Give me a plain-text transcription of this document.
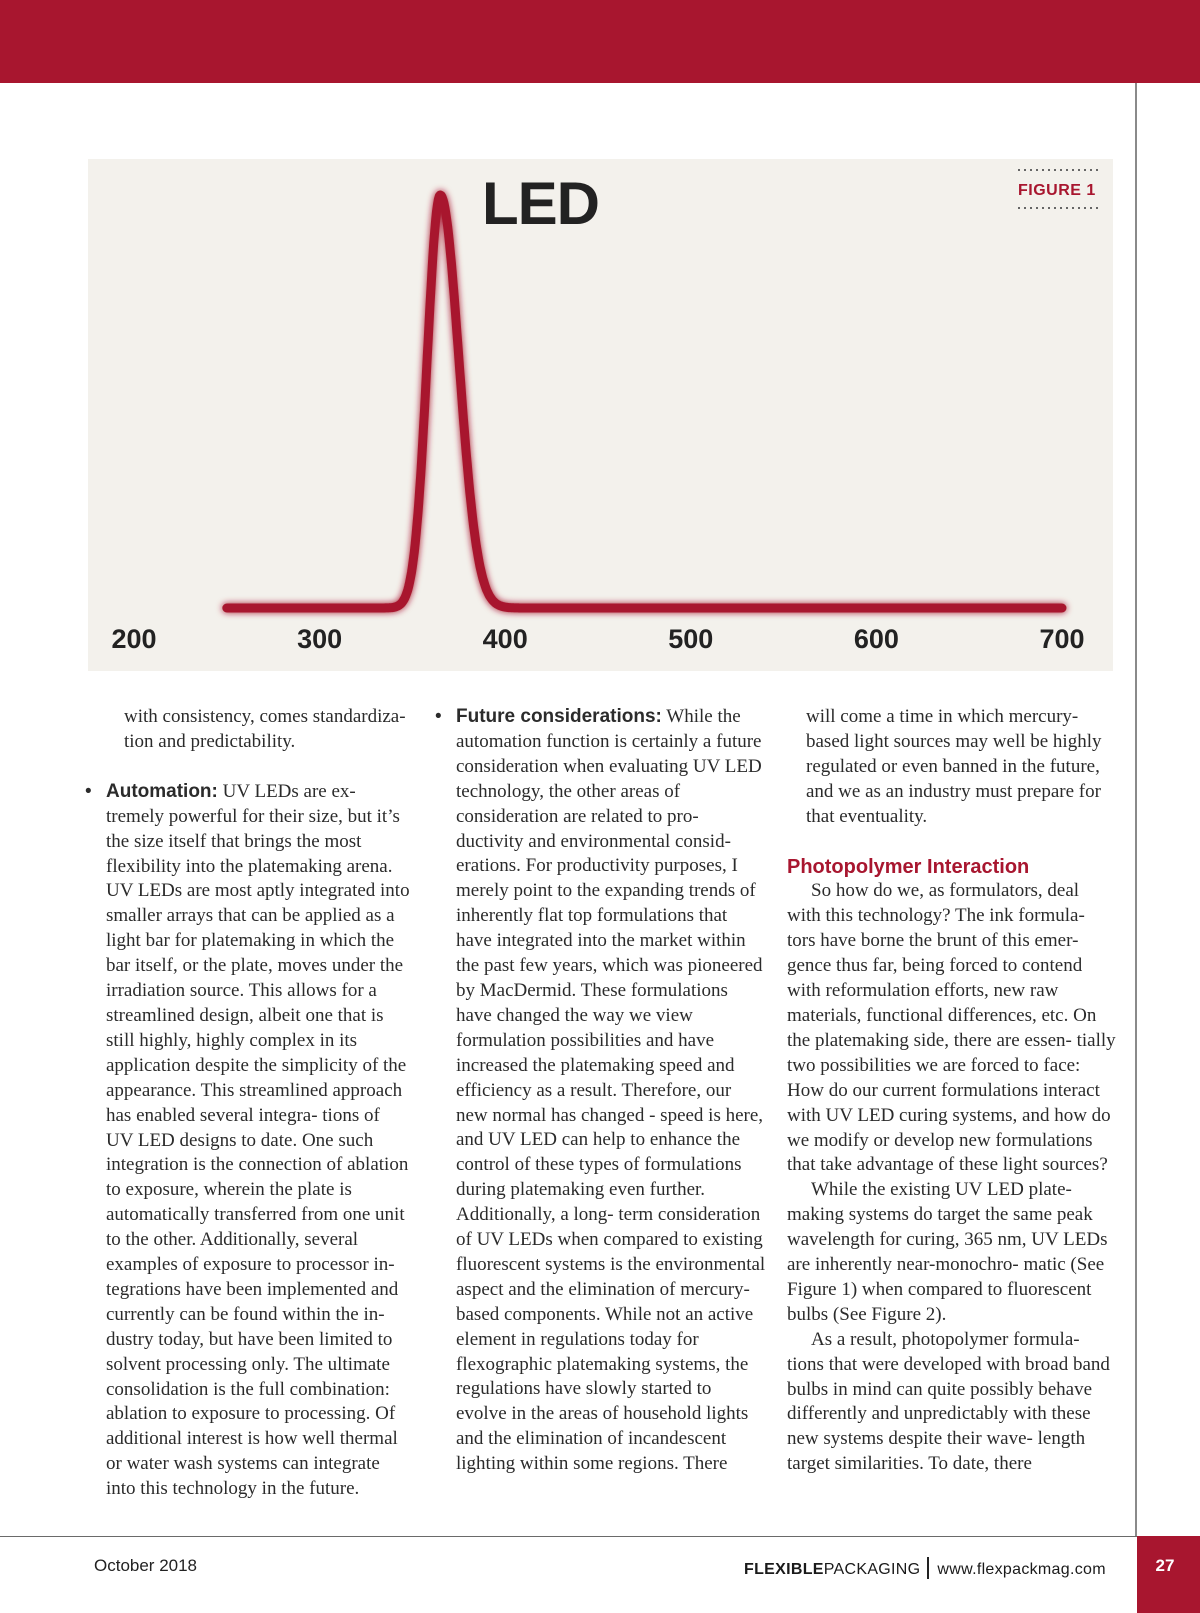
LED	FIGURE 1
200	300	400	500	600	700

with consistency, comes standardiza- tion and predictability.

• Automation: UV LEDs are ex- tremely powerful for their size, but it’s the size itself that brings the most flexibility into the platemaking arena. UV LEDs are most aptly integrated into smaller arrays that can be applied as a light bar for platemaking in which the bar itself, or the plate, moves under the irradiation source. This allows for a streamlined design, albeit one that is still highly, highly complex in its application despite the simplicity of the appearance. This streamlined approach has enabled several integra- tions of UV LED designs to date. One such integration is the connection of ablation to exposure, wherein the plate is automatically transferred from one unit to the other. Additionally, several examples of exposure to processor in- tegrations have been implemented and currently can be found within the in- dustry today, but have been limited to solvent processing only. The ultimate consolidation is the full combination: ablation to exposure to processing. Of additional interest is how well thermal or water wash systems can integrate into this technology in the future.

• Future considerations: While the automation function is certainly a future consideration when evaluating UV LED technology, the other areas of consideration are related to pro- ductivity and environmental consid- erations. For productivity purposes, I merely point to the expanding trends of inherently flat top formulations that have integrated into the market within the past few years, which was pioneered by MacDermid. These formulations have changed the way we view formulation possibilities and have increased the platemaking speed and efficiency as a result. Therefore, our new normal has changed - speed is here, and UV LED can help to enhance the control of these types of formulations during platemaking even further. Additionally, a long- term consideration of UV LEDs when compared to existing fluorescent systems is the environmental aspect and the elimination of mercury-based components. While not an active element in regulations today for flexographic platemaking systems, the regulations have slowly started to evolve in the areas of household lights and the elimination of incandescent lighting within some regions. There

will come a time in which mercury- based light sources may well be highly regulated or even banned in the future, and we as an industry must prepare for that eventuality.

Photopolymer Interaction

So how do we, as formulators, deal with this technology? The ink formula- tors have borne the brunt of this emer- gence thus far, being forced to contend with reformulation efforts, new raw materials, functional differences, etc. On the platemaking side, there are essen- tially two possibilities we are forced to face: How do our current formulations interact with UV LED curing systems, and how do we modify or develop new formulations that take advantage of these light sources?

While the existing UV LED plate- making systems do target the same peak wavelength for curing, 365 nm, UV LEDs are inherently near-monochro- matic (See Figure 1) when compared to fluorescent bulbs (See Figure 2).

As a result, photopolymer formula- tions that were developed with broad band bulbs in mind can quite possibly behave differently and unpredictably with these new systems despite their wave- length target similarities. To date, there

October 2018	FLEXIBLEPACKAGING www.flexpackmag.com	27
